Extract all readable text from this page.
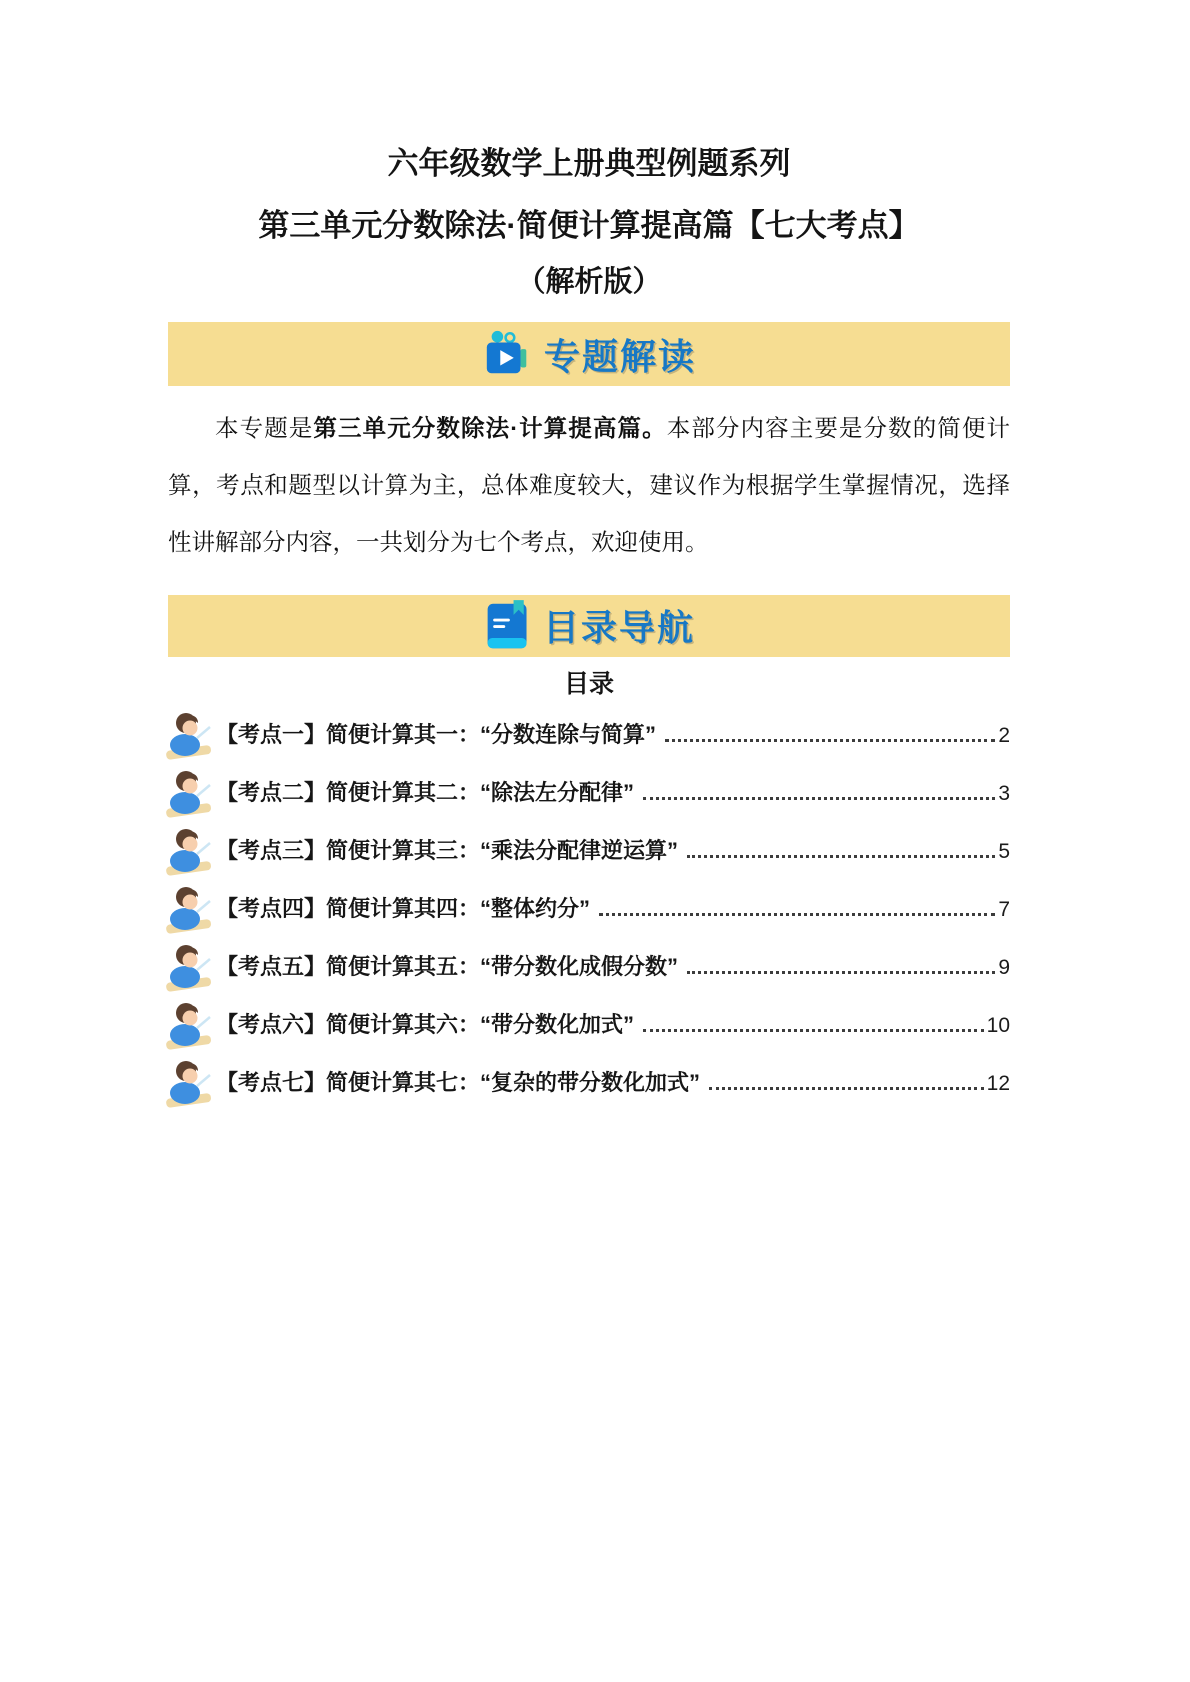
六年级数学上册典型例题系列
第三单元分数除法·简便计算提高篇【七大考点】
（解析版）
专题解读

本专题是第三单元分数除法·计算提高篇。本部分内容主要是分数的简便计算，考点和题型以计算为主，总体难度较大，建议作为根据学生掌握情况，选择性讲解部分内容，一共划分为七个考点，欢迎使用。

目录导航
目录
【考点一】简便计算其一：“分数连除与简算”	2
【考点二】简便计算其二：“除法左分配律”	3
【考点三】简便计算其三：“乘法分配律逆运算”	5
【考点四】简便计算其四：“整体约分”	7
【考点五】简便计算其五：“带分数化成假分数”	9
【考点六】简便计算其六：“带分数化加式”	10
【考点七】简便计算其七：“复杂的带分数化加式”	12
